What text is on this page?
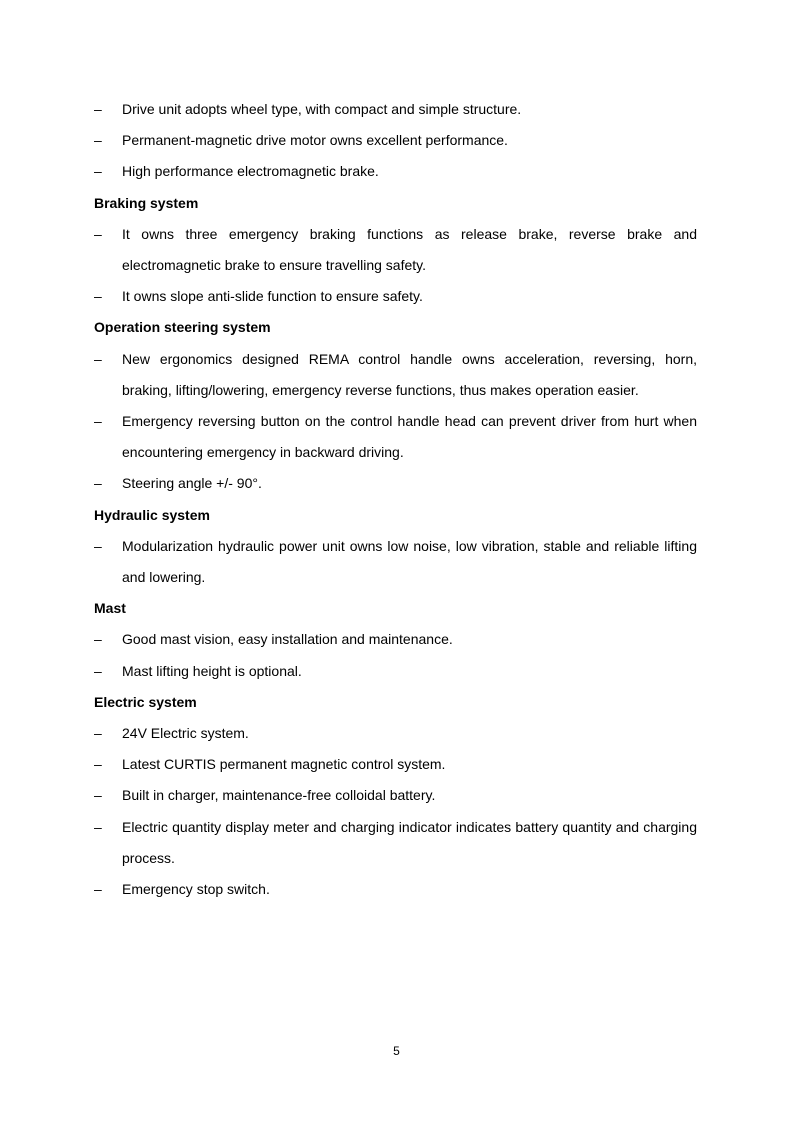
–	Drive unit adopts wheel type, with compact and simple structure.
–	Permanent-magnetic drive motor owns excellent performance.
–	High performance electromagnetic brake.
Braking system
–	It owns three emergency braking functions as release brake, reverse brake and electromagnetic brake to ensure travelling safety.
–	It owns slope anti-slide function to ensure safety.
Operation steering system
–	New ergonomics designed REMA control handle owns acceleration, reversing, horn, braking, lifting/lowering, emergency reverse functions, thus makes operation easier.
–	Emergency reversing button on the control handle head can prevent driver from hurt when encountering emergency in backward driving.
–	Steering angle +/- 90°.
Hydraulic system
–	Modularization hydraulic power unit owns low noise, low vibration, stable and reliable lifting and lowering.
Mast
–	Good mast vision, easy installation and maintenance.
–	Mast lifting height is optional.
Electric system
–	24V Electric system.
–	Latest CURTIS permanent magnetic control system.
–	Built in charger, maintenance-free colloidal battery.
–	Electric quantity display meter and charging indicator indicates battery quantity and charging process.
–	Emergency stop switch.
5
